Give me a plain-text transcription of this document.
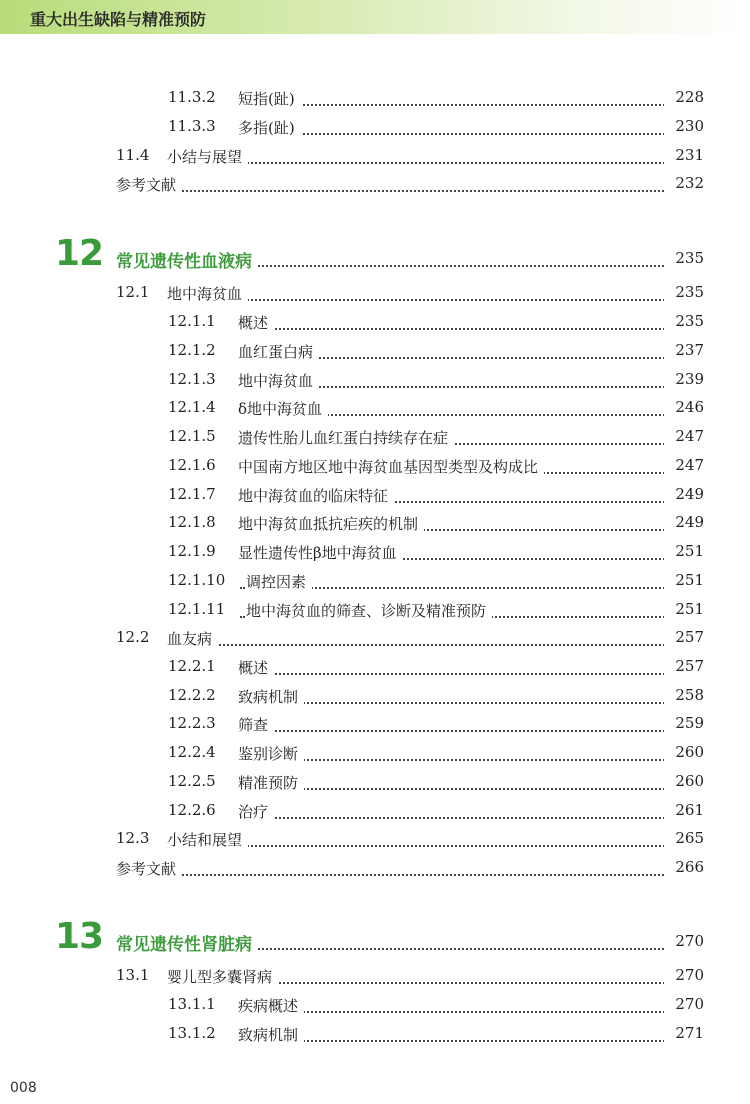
重大出生缺陷与精准预防
11.3.2 短指(趾)	228
11.3.3 多指(趾)	230
11.4 小结与展望	231
参考文献	232
12 常见遗传性血液病	235
12.1 地中海贫血	235
12.1.1 概述	235
12.1.2 血红蛋白病	237
12.1.3 地中海贫血	239
12.1.4 δ地中海贫血	246
12.1.5 遗传性胎儿血红蛋白持续存在症	247
12.1.6 中国南方地区地中海贫血基因型类型及构成比	247
12.1.7 地中海贫血的临床特征	249
12.1.8 地中海贫血抵抗疟疾的机制	249
12.1.9 显性遗传性β地中海贫血	251
12.1.10 调控因素	251
12.1.11 地中海贫血的筛查、诊断及精准预防	251
12.2 血友病	257
12.2.1 概述	257
12.2.2 致病机制	258
12.2.3 筛查	259
12.2.4 鉴别诊断	260
12.2.5 精准预防	260
12.2.6 治疗	261
12.3 小结和展望	265
参考文献	266
13 常见遗传性肾脏病	270
13.1 婴儿型多囊肾病	270
13.1.1 疾病概述	270
13.1.2 致病机制	271
008
